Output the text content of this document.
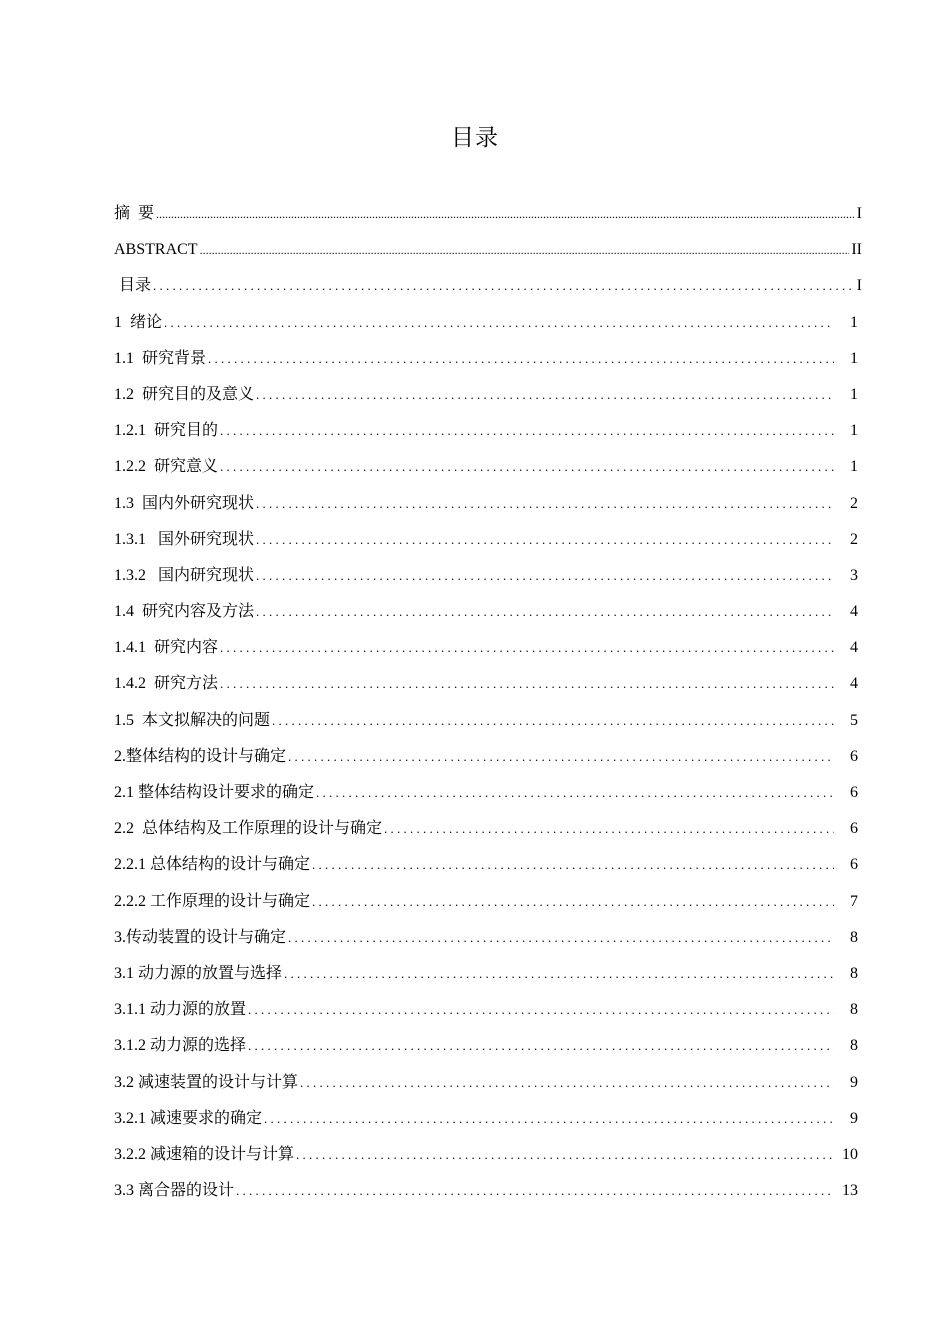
目录
摘  要 .....	I
ABSTRACT .....	II
目录 . . .	I
1  绪论 . . .	1
1.1  研究背景 . . .	1
1.2  研究目的及意义 . . .	1
1.2.1  研究目的 . . .	1
1.2.2  研究意义 . . .	1
1.3  国内外研究现状 . . .	2
1.3.1   国外研究现状 . . .	2
1.3.2   国内研究现状 . . .	3
1.4  研究内容及方法 . . .	4
1.4.1  研究内容 . . .	4
1.4.2  研究方法 . . .	4
1.5  本文拟解决的问题 . . .	5
2.整体结构的设计与确定 . . .	6
2.1 整体结构设计要求的确定 . . .	6
2.2  总体结构及工作原理的设计与确定 . . .	6
2.2.1 总体结构的设计与确定 . . .	6
2.2.2 工作原理的设计与确定 . . .	7
3.传动装置的设计与确定 . . .	8
3.1 动力源的放置与选择 . . .	8
3.1.1 动力源的放置 . . .	8
3.1.2 动力源的选择 . . .	8
3.2 减速装置的设计与计算 . . .	9
3.2.1 减速要求的确定 . . .	9
3.2.2 减速箱的设计与计算 . . .	10
3.3 离合器的设计 . . .	13
